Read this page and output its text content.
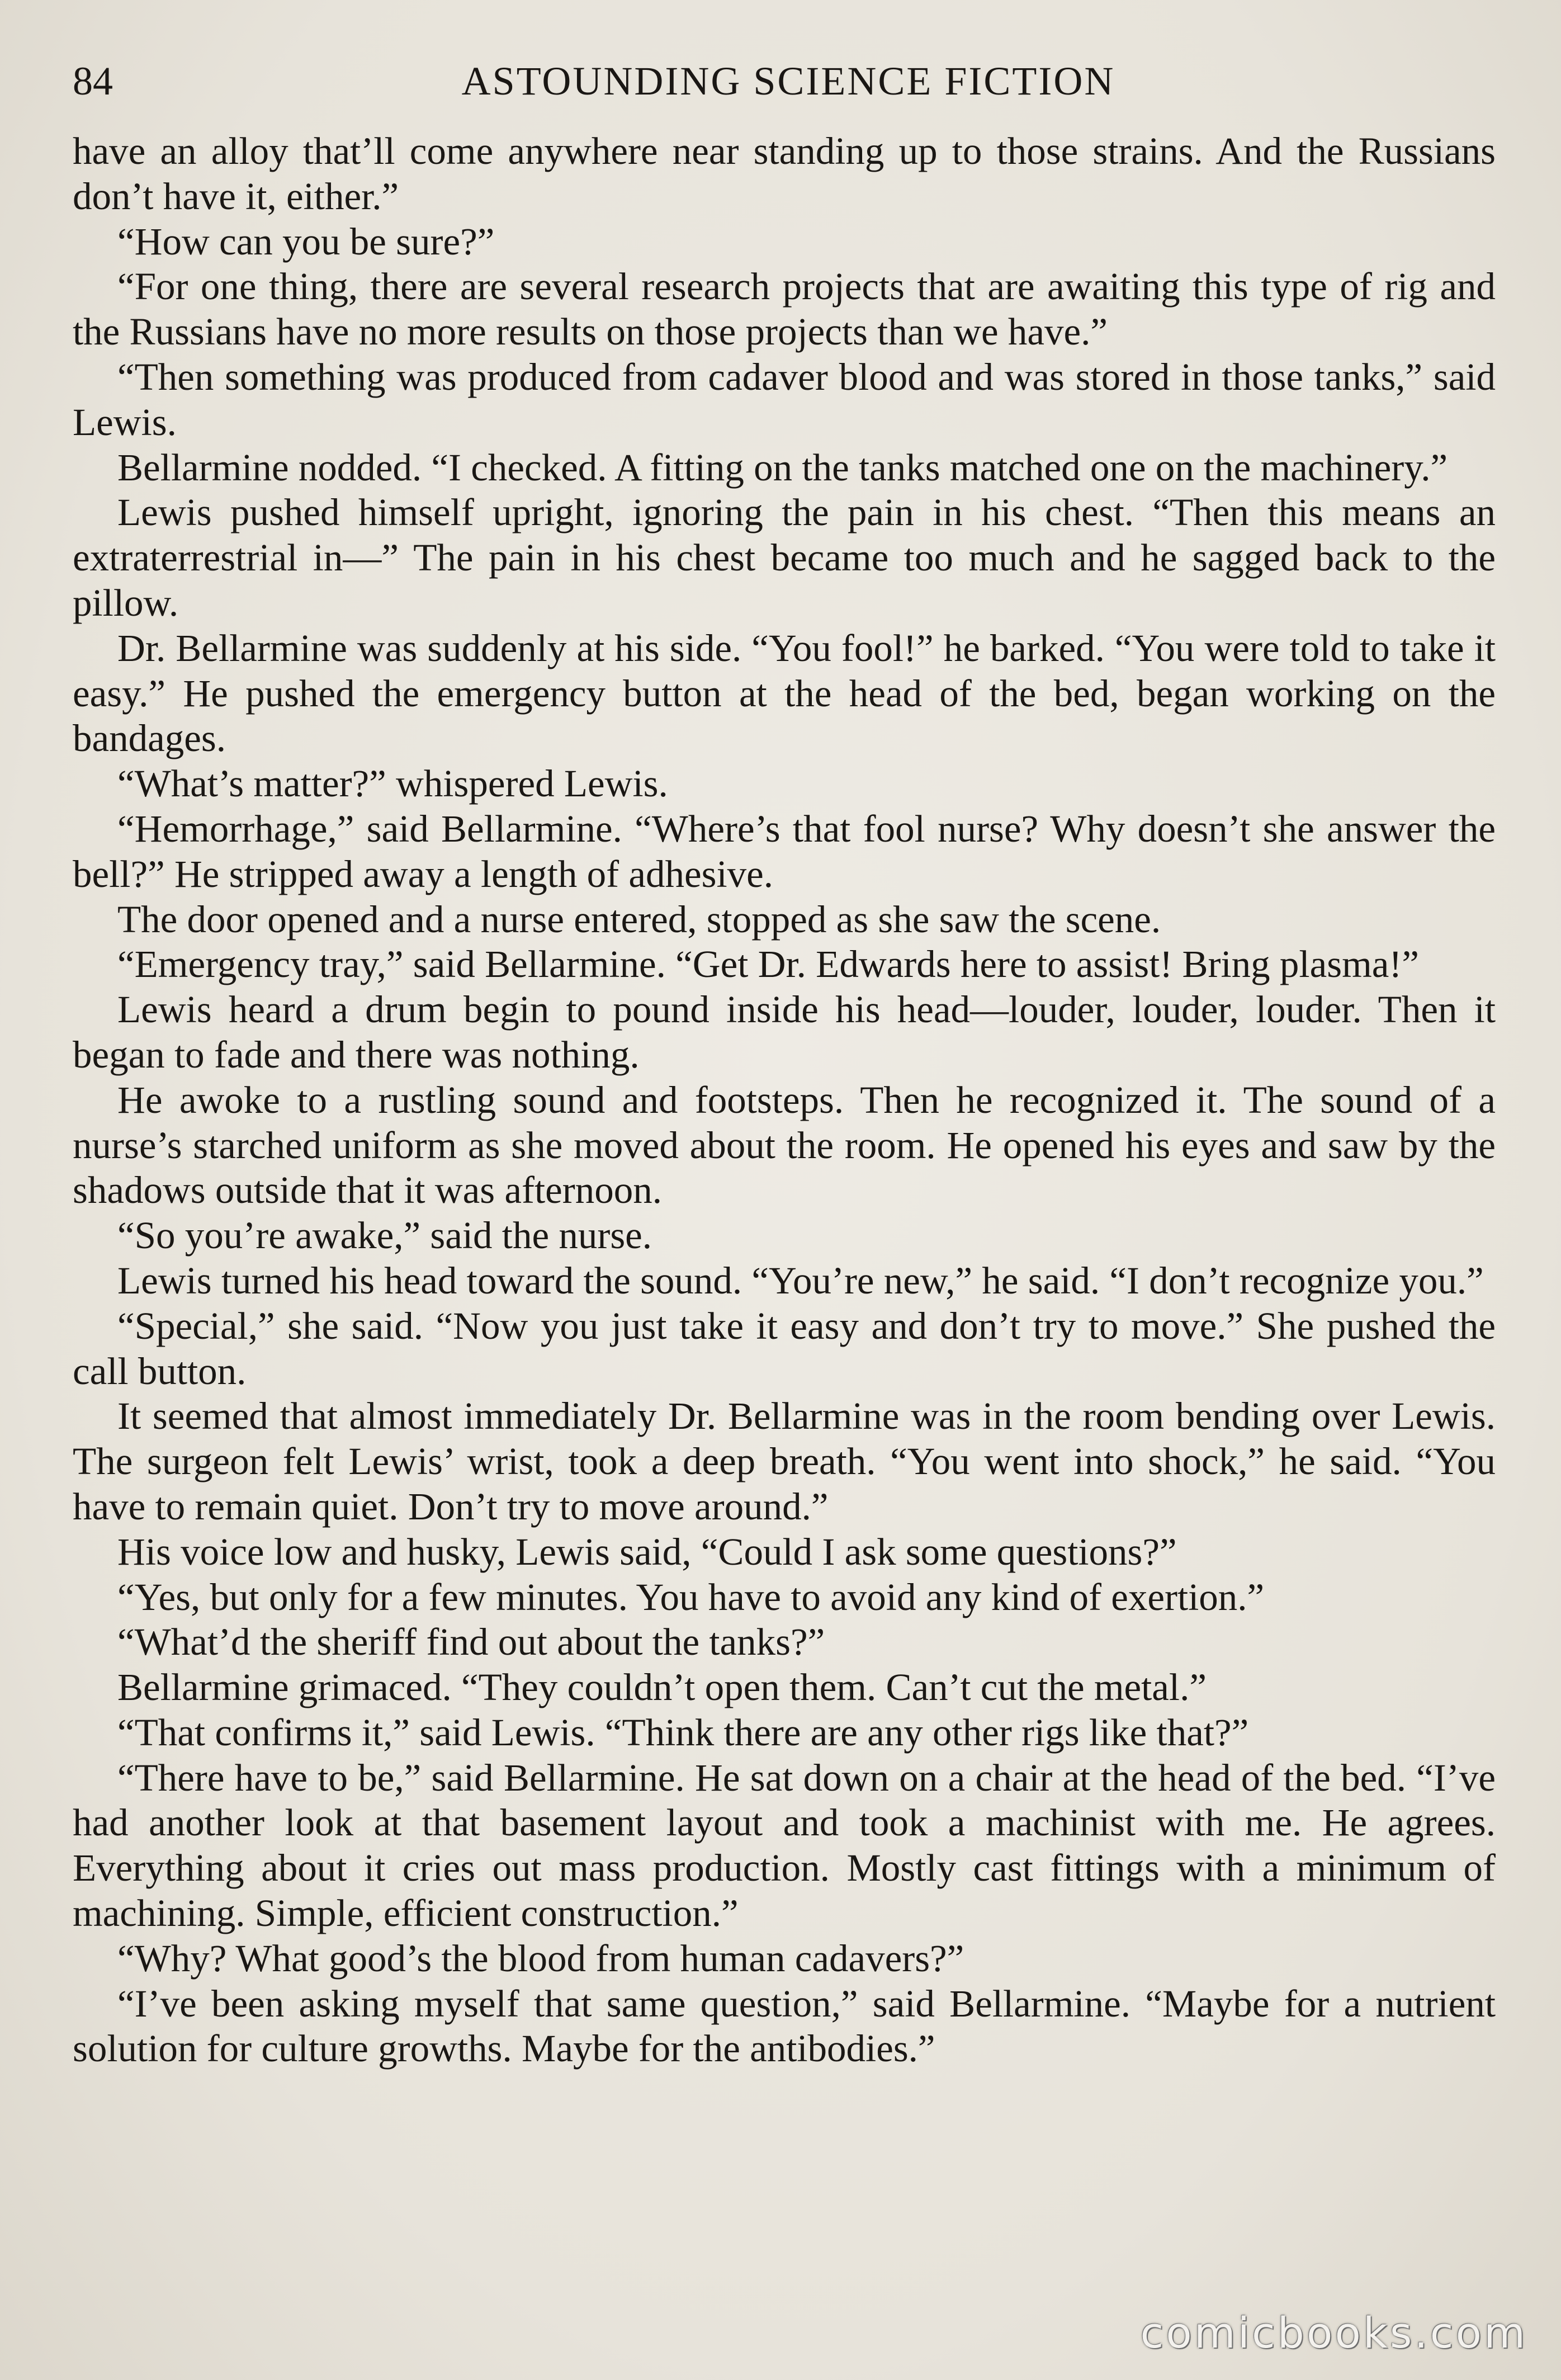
84	ASTOUNDING SCIENCE FICTION

have an alloy that’ll come anywhere near standing up to those strains. And the Russians don’t have it, either.”

“How can you be sure?”

“For one thing, there are several research projects that are awaiting this type of rig and the Russians have no more results on those projects than we have.”

“Then something was produced from cadaver blood and was stored in those tanks,” said Lewis.

Bellarmine nodded. “I checked. A fitting on the tanks matched one on the machinery.”

Lewis pushed himself upright, ignoring the pain in his chest. “Then this means an extraterrestrial in—” The pain in his chest became too much and he sagged back to the pillow.

Dr. Bellarmine was suddenly at his side. “You fool!” he barked. “You were told to take it easy.” He pushed the emergency button at the head of the bed, began working on the bandages.

“What’s matter?” whispered Lewis.

“Hemorrhage,” said Bellarmine. “Where’s that fool nurse? Why doesn’t she answer the bell?” He stripped away a length of adhesive.

The door opened and a nurse entered, stopped as she saw the scene.

“Emergency tray,” said Bellarmine. “Get Dr. Edwards here to assist! Bring plasma!”

Lewis heard a drum begin to pound inside his head—louder, louder, louder. Then it began to fade and there was nothing.

He awoke to a rustling sound and footsteps. Then he recognized it. The sound of a nurse’s starched uniform as she moved about the room. He opened his eyes and saw by the shadows outside that it was afternoon.

“So you’re awake,” said the nurse.

Lewis turned his head toward the sound. “You’re new,” he said. “I don’t recognize you.”

“Special,” she said. “Now you just take it easy and don’t try to move.” She pushed the call button.

It seemed that almost immediately Dr. Bellarmine was in the room bending over Lewis. The surgeon felt Lewis’ wrist, took a deep breath. “You went into shock,” he said. “You have to remain quiet. Don’t try to move around.”

His voice low and husky, Lewis said, “Could I ask some questions?”

“Yes, but only for a few minutes. You have to avoid any kind of exertion.”

“What’d the sheriff find out about the tanks?”

Bellarmine grimaced. “They couldn’t open them. Can’t cut the metal.”

“That confirms it,” said Lewis. “Think there are any other rigs like that?”

“There have to be,” said Bellarmine. He sat down on a chair at the head of the bed. “I’ve had another look at that basement layout and took a machinist with me. He agrees. Everything about it cries out mass production. Mostly cast fittings with a minimum of machining. Simple, efficient construction.”

“Why? What good’s the blood from human cadavers?”

“I’ve been asking myself that same question,” said Bellarmine. “Maybe for a nutrient solution for culture growths. Maybe for the antibodies.”

comicbooks.com
